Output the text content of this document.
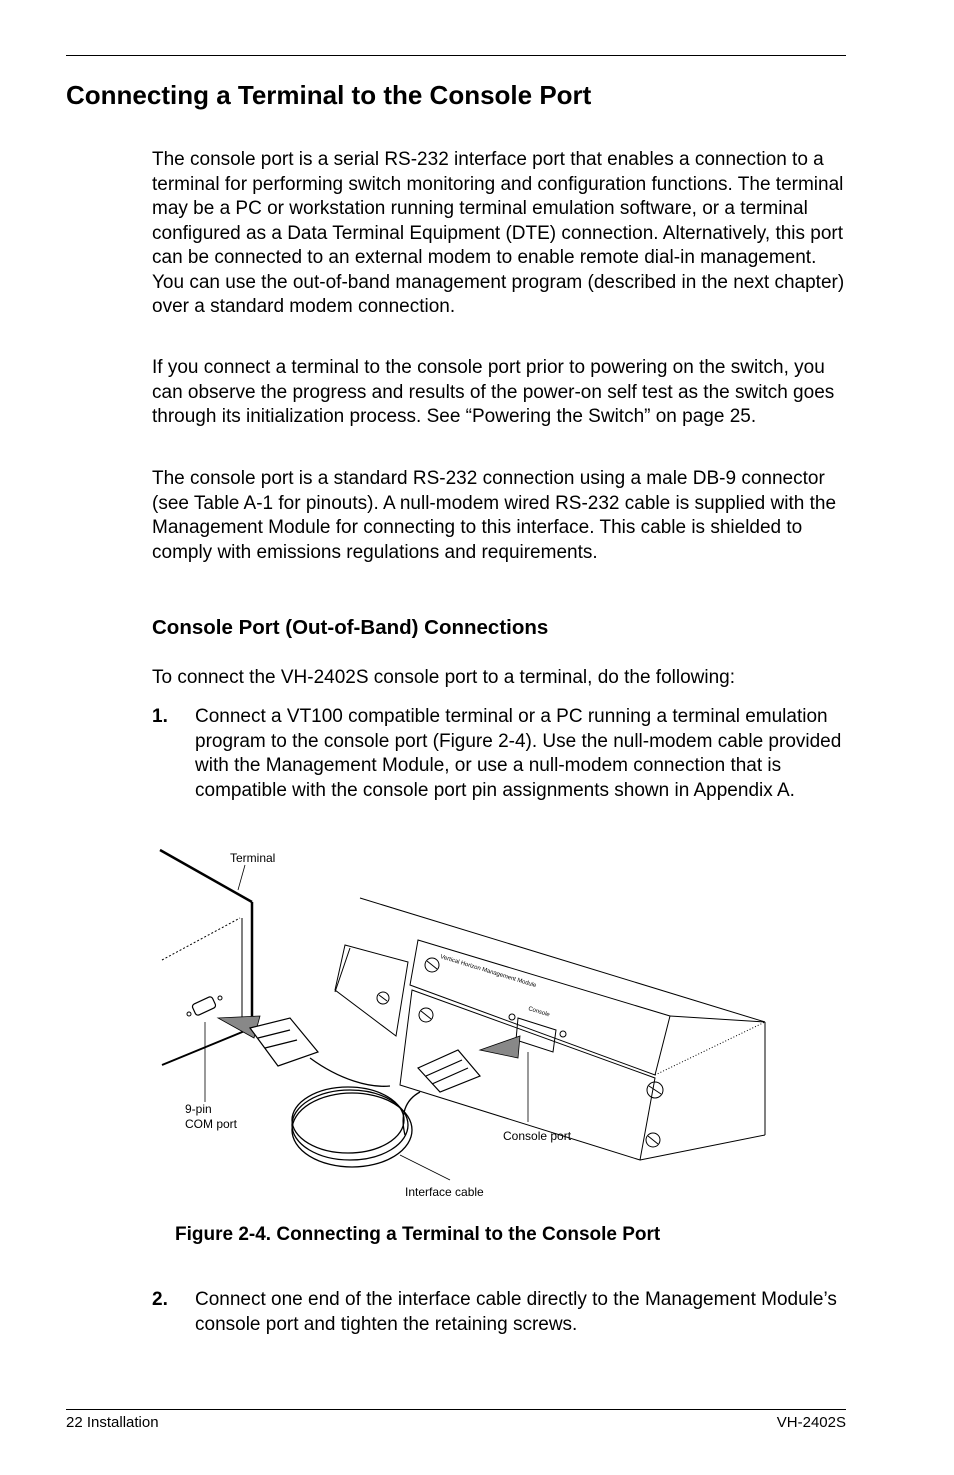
Connecting a Terminal to the Console Port

The console port is a serial RS-232 interface port that enables a connection to a terminal for performing switch monitoring and configuration functions. The terminal may be a PC or workstation running terminal emulation software, or a terminal configured as a Data Terminal Equipment (DTE) connection. Alternatively, this port can be connected to an external modem to enable remote dial-in management. You can use the out-of-band management program (described in the next chapter) over a standard modem connection.

If you connect a terminal to the console port prior to powering on the switch, you can observe the progress and results of the power-on self test as the switch goes through its initialization process. See “Powering the Switch” on page 25.

The console port is a standard RS-232 connection using a male DB-9 connector (see Table A-1 for pinouts). A null-modem wired RS-232 cable is supplied with the Management Module for connecting to this interface. This cable is shielded to comply with emissions regulations and requirements.

Console Port (Out-of-Band) Connections

To connect the VH-2402S console port to a terminal, do the following:

1. Connect a VT100 compatible terminal or a PC running a terminal emulation program to the console port (Figure 2-4). Use the null-modem cable provided with the Management Module, or use a null-modem connection that is compatible with the console port pin assignments shown in Appendix A.

Vertical Horizon Management Module
Console
Terminal
9-pin
COM port
Console port
Interface cable
Figure 2-4. Connecting a Terminal to the Console Port
2. Connect one end of the interface cable directly to the Management Module’s console port and tighten the retaining screws.

22 Installation	VH-2402S
